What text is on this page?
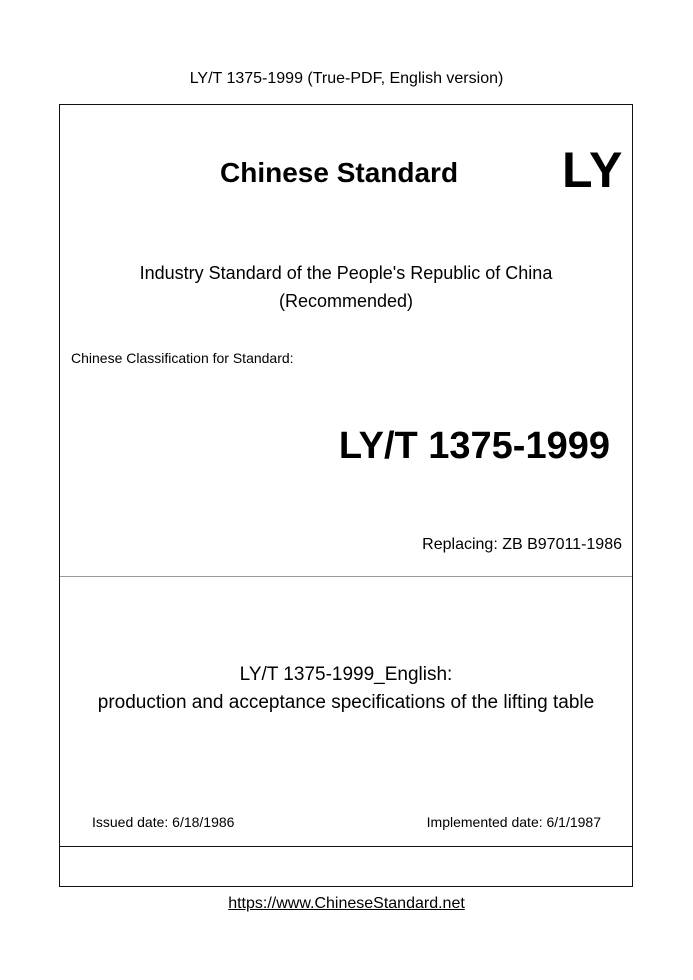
LY/T 1375-1999 (True-PDF, English version)
Chinese Standard LY
Industry Standard of the People's Republic of China
(Recommended)
Chinese Classification for Standard:
LY/T 1375-1999
Replacing: ZB B97011-1986
LY/T 1375-1999_English:
production and acceptance specifications of the lifting table
Issued date: 6/18/1986	Implemented date: 6/1/1987
https://www.ChineseStandard.net
